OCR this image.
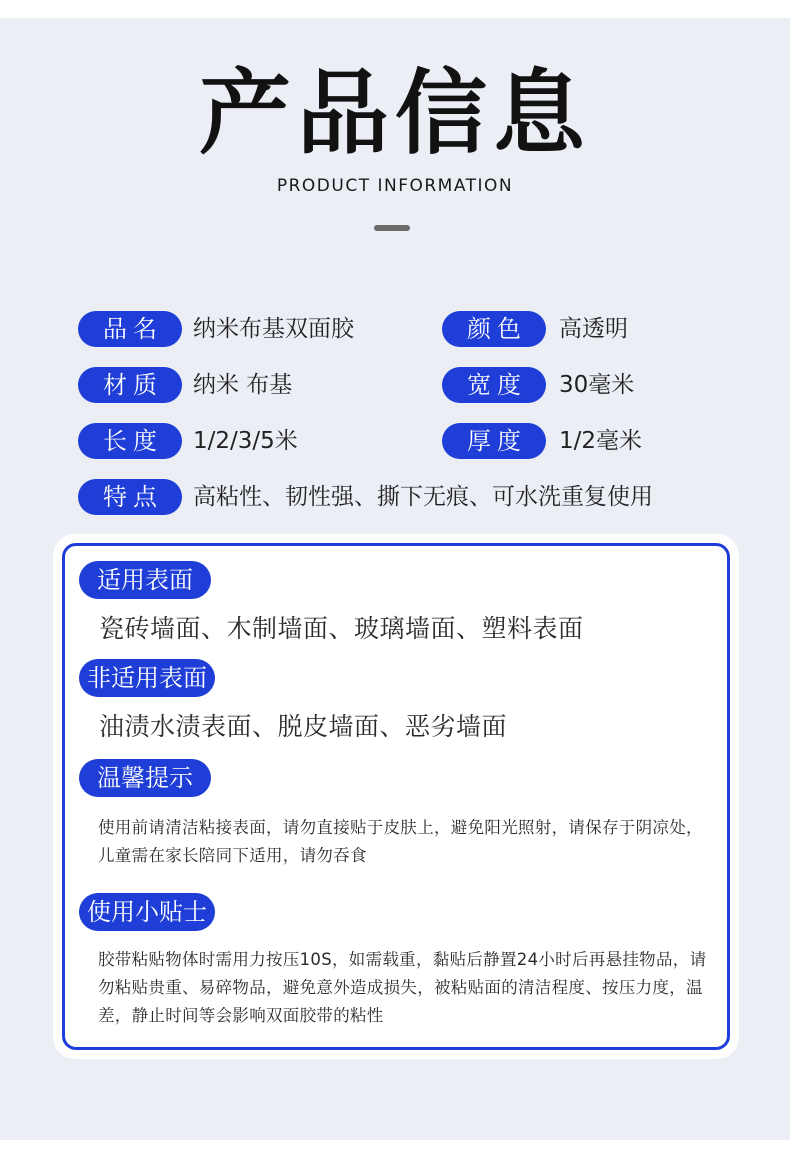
产品信息
PRODUCT INFORMATION
品名	纳米布基双面胶	颜色	高透明
材质	纳米 布基	宽度	30毫米
长度	1/2/3/5米	厚度	1/2毫米
特点	高粘性、韧性强、撕下无痕、可水洗重复使用
适用表面
瓷砖墙面、木制墙面、玻璃墙面、塑料表面
非适用表面
油渍水渍表面、脱皮墙面、恶劣墙面
温馨提示
使用前请清洁粘接表面，请勿直接贴于皮肤上，避免阳光照射，请保存于阴凉处，儿童需在家长陪同下适用，请勿吞食
使用小贴士
胶带粘贴物体时需用力按压10S，如需载重，黏贴后静置24小时后再悬挂物品，请勿粘贴贵重、易碎物品，避免意外造成损失，被粘贴面的清洁程度、按压力度，温差，静止时间等会影响双面胶带的粘性
